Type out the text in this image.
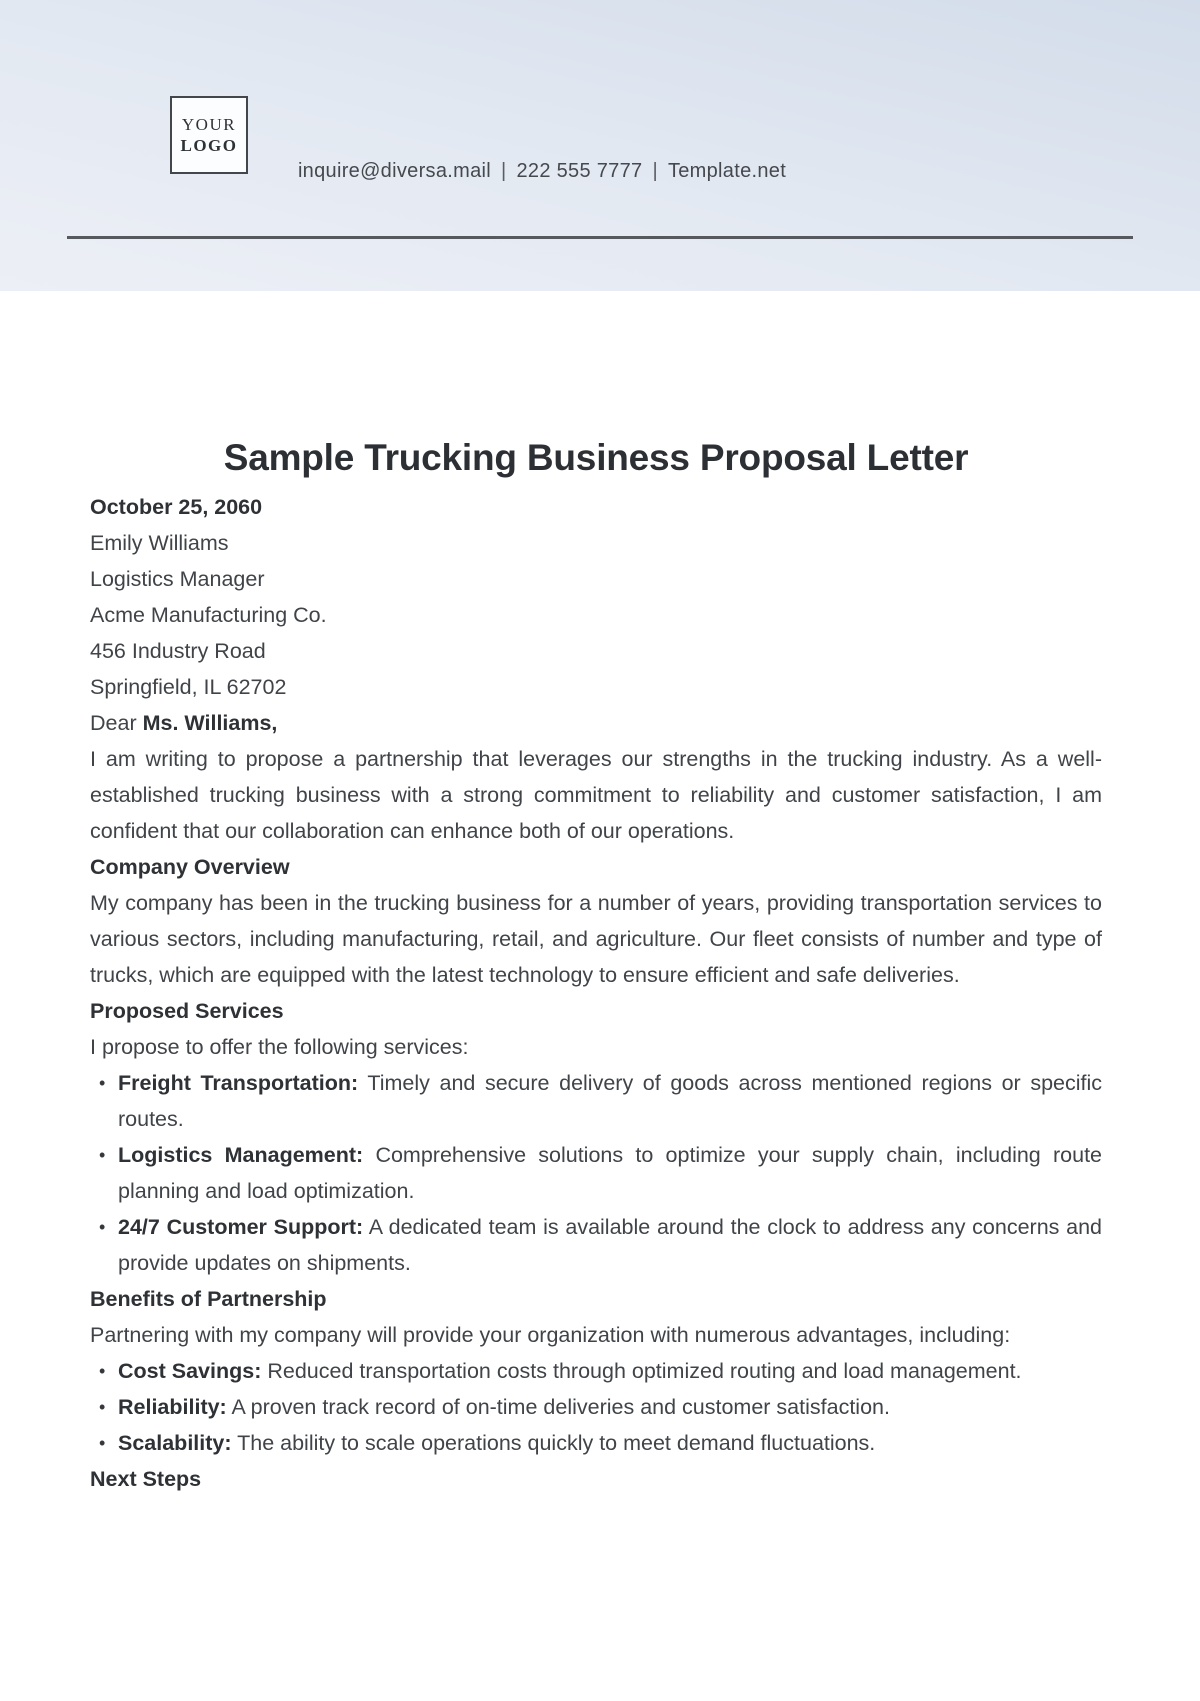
YOUR
LOGO
inquire@diversa.mail | 222 555 7777 | Template.net
Sample Trucking Business Proposal Letter

October 25, 2060

Emily Williams

Logistics Manager

Acme Manufacturing Co.

456 Industry Road

Springfield, IL 62702

Dear Ms. Williams,

I am writing to propose a partnership that leverages our strengths in the trucking industry. As a well-established trucking business with a strong commitment to reliability and customer satisfaction, I am confident that our collaboration can enhance both of our operations.

Company Overview

My company has been in the trucking business for a number of years, providing transportation services to various sectors, including manufacturing, retail, and agriculture. Our fleet consists of number and type of trucks, which are equipped with the latest technology to ensure efficient and safe deliveries.

Proposed Services

I propose to offer the following services:

• Freight Transportation: Timely and secure delivery of goods across mentioned regions or specific routes.
• Logistics Management: Comprehensive solutions to optimize your supply chain, including route planning and load optimization.
• 24/7 Customer Support: A dedicated team is available around the clock to address any concerns and provide updates on shipments.
Benefits of Partnership

Partnering with my company will provide your organization with numerous advantages, including:

• Cost Savings: Reduced transportation costs through optimized routing and load management.
• Reliability: A proven track record of on-time deliveries and customer satisfaction.
• Scalability: The ability to scale operations quickly to meet demand fluctuations.
Next Steps
